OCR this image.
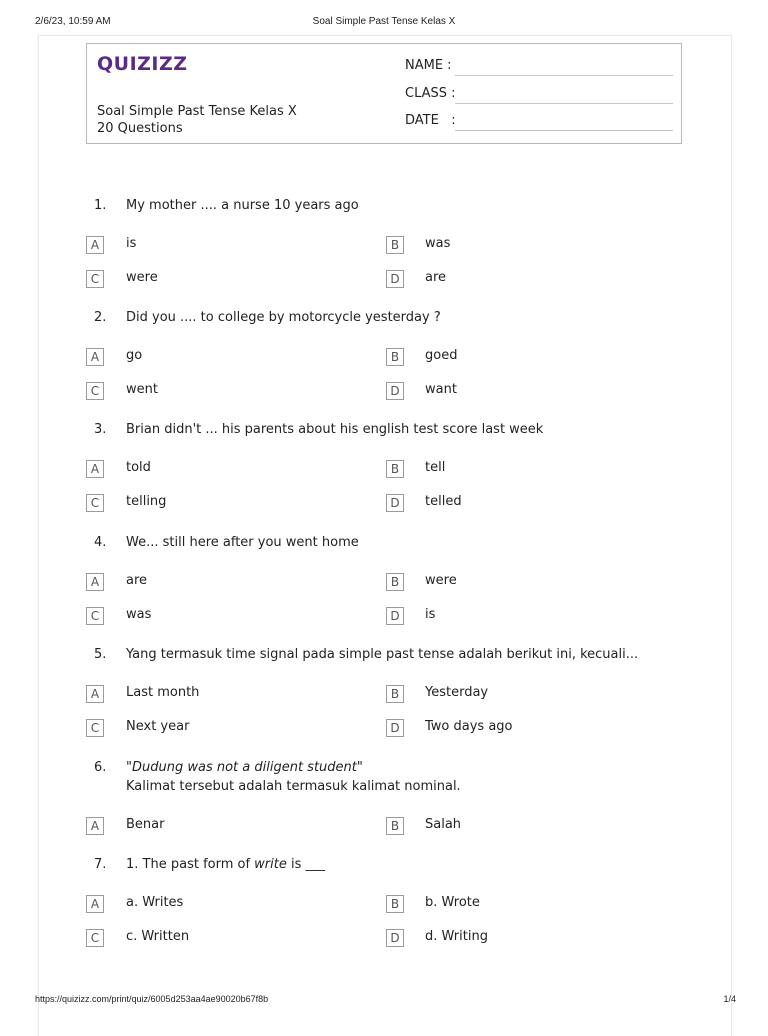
2/6/23, 10:59 AM	Soal Simple Past Tense Kelas X
QUIZIZZ
Soal Simple Past Tense Kelas X
20 Questions
NAME :
CLASS :
DATE   :
1. My mother .... a nurse 10 years ago
A	is	B	was
C	were	D	are
2. Did you .... to college by motorcycle yesterday ?
A	go	B	goed
C	went	D	want
3. Brian didn't ... his parents about his english test score last week
A	told	B	tell
C	telling	D	telled
4. We... still here after you went home
A	are	B	were
C	was	D	is
5. Yang termasuk time signal pada simple past tense adalah berikut ini, kecuali...
A	Last month	B	Yesterday
C	Next year	D	Two days ago
6. "Dudung was not a diligent student"
Kalimat tersebut adalah termasuk kalimat nominal.
A	Benar	B	Salah
7. 1. The past form of write is ___
A	a. Writes	B	b. Wrote
C	c. Written	D	d. Writing
https://quizizz.com/print/quiz/6005d253aa4ae90020b67f8b	1/4
